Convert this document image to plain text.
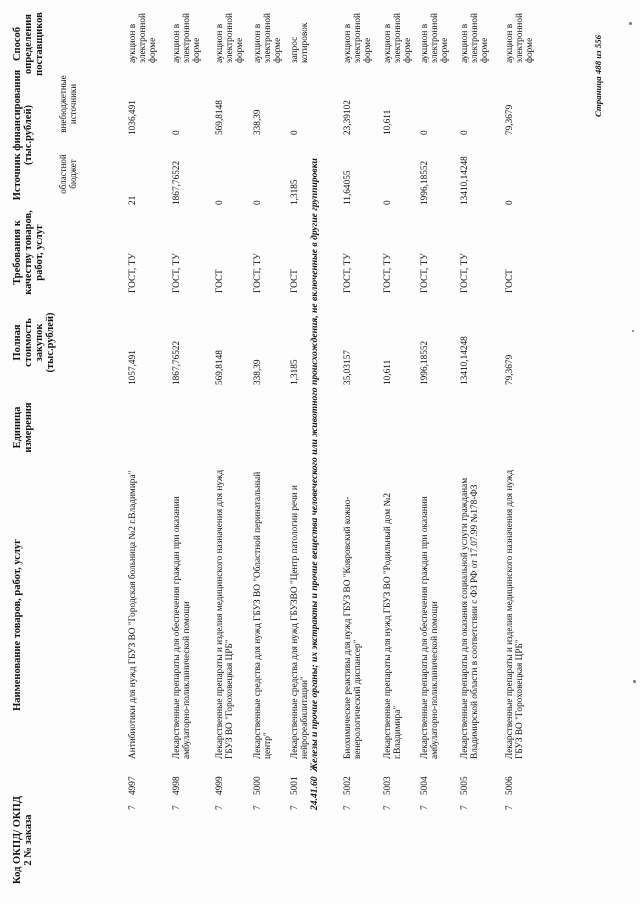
Код ОКПД/ ОКПД 2 № заказа
Наименование товаров, работ, услуг
Единица измерения
Полная стоимость закупок (тыс.рублей)
Требования к качеству товаров, работ, услуг
Источник финансирования (тыс.рублей)
областной бюджет
внебюджетные источники
Способ определения поставщиков
7
4997
Антибиотики для нужд ГБУЗ ВО "Городская больница №2 г.Владимира"
1057,491
ГОСТ, ТУ
21
1036,491
аукцион в электронной форме
7
4998
Лекарственные препараты для обеспечения граждан при оказании амбулаторно-поликлинической помощи
1867,76522
ГОСТ, ТУ
1867,76522
0
аукцион в электронной форме
7
4999
Лекарственные препараты и изделия медицинского назначения для нужд ГБУЗ ВО "Гороховецкая ЦРБ"
569,8148
ГОСТ
0
569,8148
аукцион в электронной форме
7
5000
Лекарственные средства для нужд ГБУЗ ВО "Областной перинатальный центр"
338,39
ГОСТ, ТУ
0
338,39
аукцион в электронной форме
7
5001
Лекарственные средства для нужд ГБУЗВО "Центр патологии речи и нейрореабилитации"
1,3185
ГОСТ
1,3185
0
запрос котировок
7
5002
Биохимические реактивы для нужд ГБУЗ ВО "Ковровский кожно-венерологический диспансер"
35,03157
ГОСТ, ТУ
11,64055
23,39102
аукцион в электронной форме
7
5003
Лекарственные препараты для нужд ГБУЗ ВО "Родильный дом №2 г.Владимира"
10,611
ГОСТ, ТУ
0
10,611
аукцион в электронной форме
7
5004
Лекарственные препараты для обеспечения граждан при оказании амбулаторно-поликлинической помощи
1996,18552
ГОСТ, ТУ
1996,18552
0
аукцион в электронной форме
7
5005
Лекарственные препараты для оказания социальной услуги гражданам Владимирской области в соответствии с ФЗ РФ от 17.07.99 №178-ФЗ
13410,14248
ГОСТ, ТУ
13410,14248
0
аукцион в электронной форме
7
5006
Лекарственные препараты и изделия медицинского назначения для нужд ГБУЗ ВО "Гороховецкая ЦРБ"
79,3679
ГОСТ
0
79,3679
аукцион в электронной форме
24.41.60  Железы и прочие органы; их экстракты и прочие вещества человеческого или животного происхождения, не включенные в другие группировки
Страница 488 из 556
